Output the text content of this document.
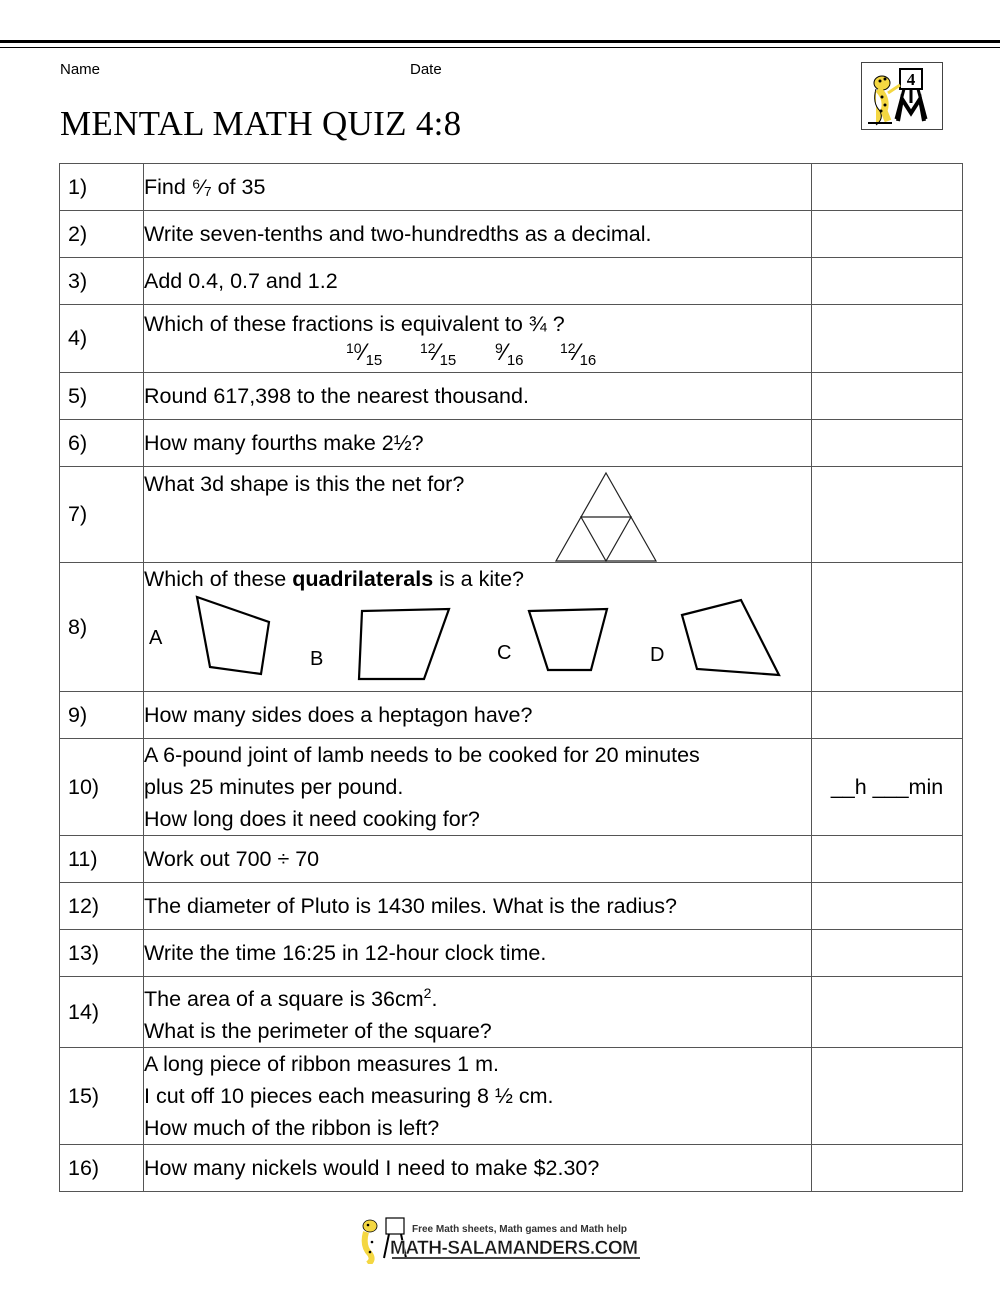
Name	Date
MENTAL MATH QUIZ 4:8
4
1)	Find ⁶⁄₇ of 35	
2)	Write seven-tenths and two-hundredths as a decimal.	
3)	Add 0.4, 0.7 and 1.2	
4)	Which of these fractions is equivalent to ¾ ?
$^{10}⁄_{15}$
$^{12}⁄_{15}$
$^9⁄_{16}$
$^{12}⁄_{16}$

5)	Round 617,398 to the nearest thousand.	
6)	How many fourths make 2½?	
7)	What 3d shape is this the net for?	

8)	Which of these quadrilaterals is a kite?
A
B C D	

9)	How many sides does a heptagon have?	
10)	A 6-pound joint of lamb needs to be cooked for 20 minutes
plus 25 minutes per pound.
How long does it need cooking for?	__h ___min
11)	Work out 700 ÷ 70	
12)	The diameter of Pluto is 1430 miles. What is the radius?	
13)	Write the time 16:25 in 12-hour clock time.	
14)	The area of a square is $36cm^2$.
What is the perimeter of the square?	

15)	A long piece of ribbon measures 1 m.
I cut off 10 pieces each measuring 8 ½ cm.
How much of the ribbon is left?	

16)	How many nickels would I need to make $2.30?	
Free Math sheets, Math games and Math help
MATH-SALAMANDERS.COM
